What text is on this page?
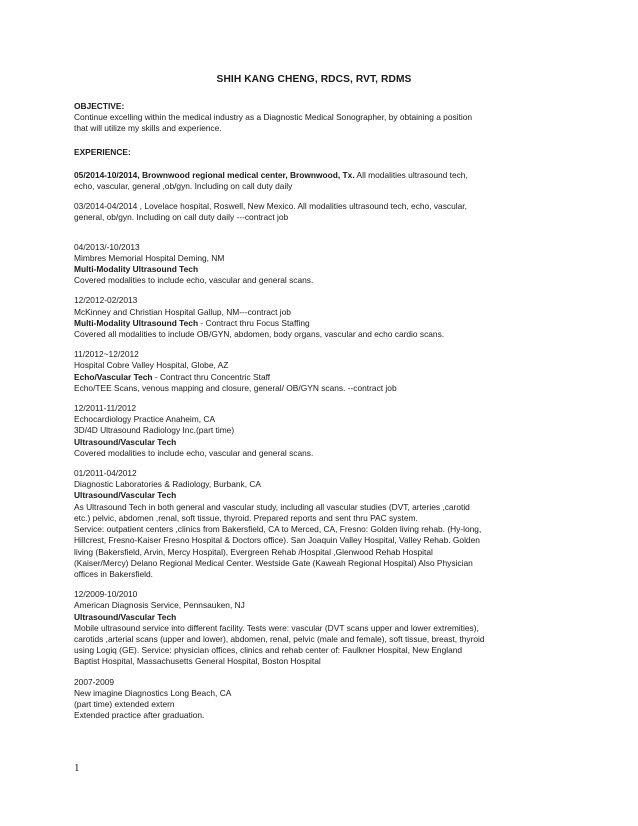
SHIH KANG CHENG, RDCS, RVT, RDMS

OBJECTIVE:

Continue excelling within the medical industry as a Diagnostic Medical Sonographer, by obtaining a position

that will utilize my skills and experience.

EXPERIENCE:

05/2014-10/2014, Brownwood regional medical center, Brownwood, Tx. All modalities ultrasound tech,

echo, vascular, general ,ob/gyn. Including on call duty daily

03/2014-04/2014 , Lovelace hospital, Roswell, New Mexico. All modalities ultrasound tech, echo, vascular,

general, ob/gyn. Including on call duty daily ---contract job

04/2013/-10/2013

Mimbres Memorial Hospital Deming, NM

Multi-Modality Ultrasound Tech

Covered modalities to include echo, vascular and general scans.

12/2012-02/2013

McKinney and Christian Hospital Gallup, NM---contract job

Multi-Modality Ultrasound Tech - Contract thru Focus Staffing

Covered all modalities to include OB/GYN, abdomen, body organs, vascular and echo cardio scans.

11/2012~12/2012

Hospital Cobre Valley Hospital, Globe, AZ

Echo/Vascular Tech - Contract thru Concentric Staff

Echo/TEE Scans, venous mapping and closure, general/ OB/GYN scans. --contract job

12/2011-11/2012

Echocardiology Practice Anaheim, CA

3D/4D Ultrasound Radiology Inc.(part time)

Ultrasound/Vascular Tech

Covered modalities to include echo, vascular and general scans.

01/2011-04/2012

Diagnostic Laboratories & Radiology, Burbank, CA

Ultrasound/Vascular Tech

As Ultrasound Tech in both general and vascular study, including all vascular studies (DVT, arteries ,carotid

etc.) pelvic, abdomen ,renal, soft tissue, thyroid. Prepared reports and sent thru PAC system.

Service: outpatient centers ,clinics from Bakersfield, CA to Merced, CA, Fresno: Golden living rehab. (Hy-long,

Hillcrest, Fresno-Kaiser Fresno Hospital & Doctors office). San Joaquin Valley Hospital, Valley Rehab. Golden

living (Bakersfield, Arvin, Mercy Hospital), Evergreen Rehab /Hospital ,Glenwood Rehab Hospital

(Kaiser/Mercy) Delano Regional Medical Center. Westside Gate (Kaweah Regional Hospital) Also Physician

offices in Bakersfield.

12/2009-10/2010

American Diagnosis Service, Pennsauken, NJ

Ultrasound/Vascular Tech

Mobile ultrasound service into different facility. Tests were: vascular (DVT scans upper and lower extremities),

carotids ,arterial scans (upper and lower), abdomen, renal, pelvic (male and female), soft tissue, breast, thyroid

using Logiq (GE). Service: physician offices, clinics and rehab center of: Faulkner Hospital, New England

Baptist Hospital, Massachusetts General Hospital, Boston Hospital

2007-2009

New imagine Diagnostics Long Beach, CA

(part time) extended extern

Extended practice after graduation.

1
